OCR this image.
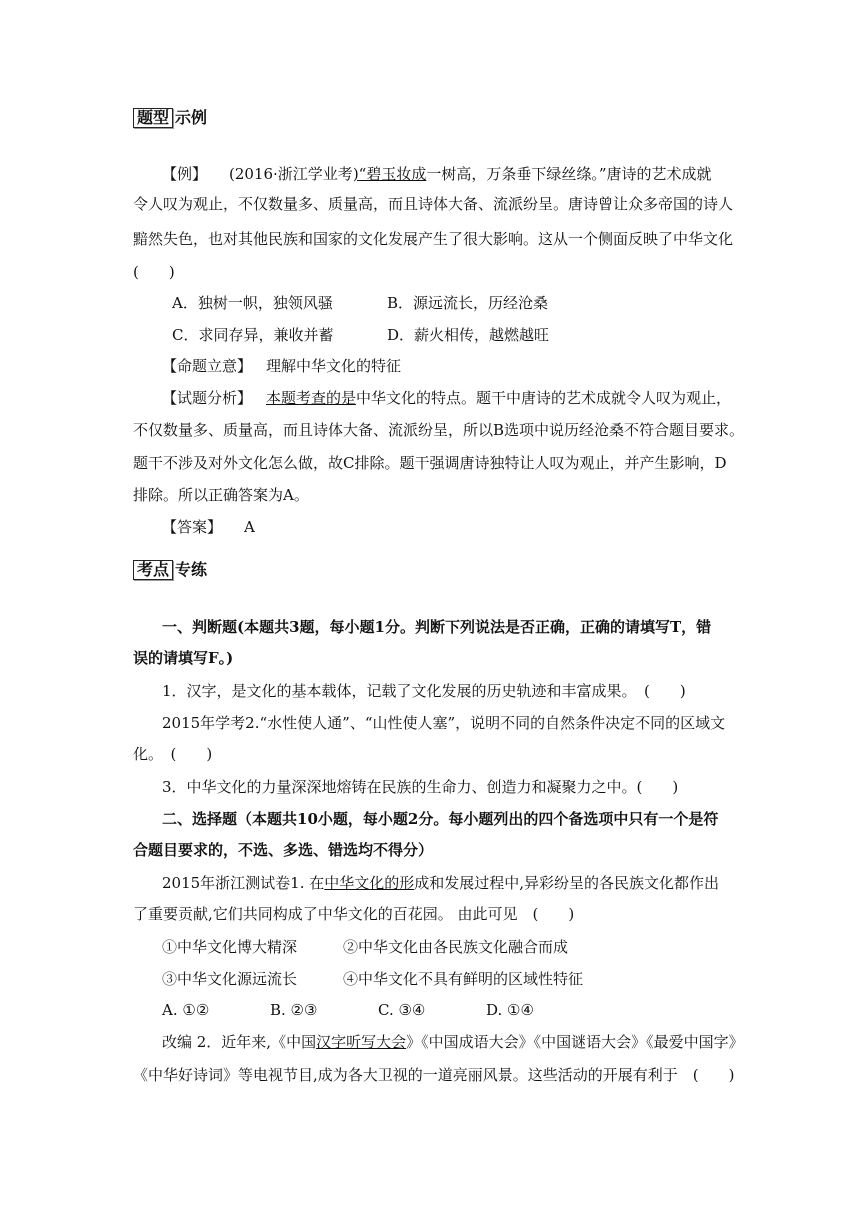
题型 示例
【例】 (2016·浙江学业考)“碧玉妆成一树高，万条垂下绿丝绦。”唐诗的艺术成就
令人叹为观止，不仅数量多、质量高，而且诗体大备、流派纷呈。唐诗曾让众多帝国的诗人
黯然失色，也对其他民族和国家的文化发展产生了很大影响。这从一个侧面反映了中华文化
(　　)
A．独树一帜，独领风骚	B．源远流长，历经沧桑
C．求同存异，兼收并蓄	D．薪火相传，越燃越旺
【命题立意】 理解中华文化的特征
【试题分析】 本题考查的是中华文化的特点。题干中唐诗的艺术成就令人叹为观止，
不仅数量多、质量高，而且诗体大备、流派纷呈，所以B选项中说历经沧桑不符合题目要求。
题干不涉及对外文化怎么做，故C排除。题干强调唐诗独特让人叹为观止，并产生影响，D
排除。所以正确答案为A。
【答案】 A
考点 专练
一、判断题(本题共3题，每小题1分。判断下列说法是否正确，正确的请填写T，错
误的请填写F。)
1．汉字，是文化的基本载体，记载了文化发展的历史轨迹和丰富成果。　(　　)
2015年学考2.“水性使人通”、“山性使人塞”，说明不同的自然条件决定不同的区域文
化。　(　　)
3．中华文化的力量深深地熔铸在民族的生命力、创造力和凝聚力之中。(　　)
二、选择题（本题共10小题，每小题2分。每小题列出的四个备选项中只有一个是符
合题目要求的，不选、多选、错选均不得分）
2015年浙江测试卷1. 在中华文化的形成和发展过程中,异彩纷呈的各民族文化都作出
了重要贡献,它们共同构成了中华文化的百花园。 由此可见　(　　)
①中华文化博大精深	②中华文化由各民族文化融合而成
③中华文化源远流长	④中华文化不具有鲜明的区域性特征
A. ①②	B. ②③	C. ③④	D. ①④
改编 2．近年来,《中国汉字听写大会》《中国成语大会》《中国谜语大会》《最爱中国字》
《中华好诗词》等电视节目,成为各大卫视的一道亮丽风景。这些活动的开展有利于　(　　)
